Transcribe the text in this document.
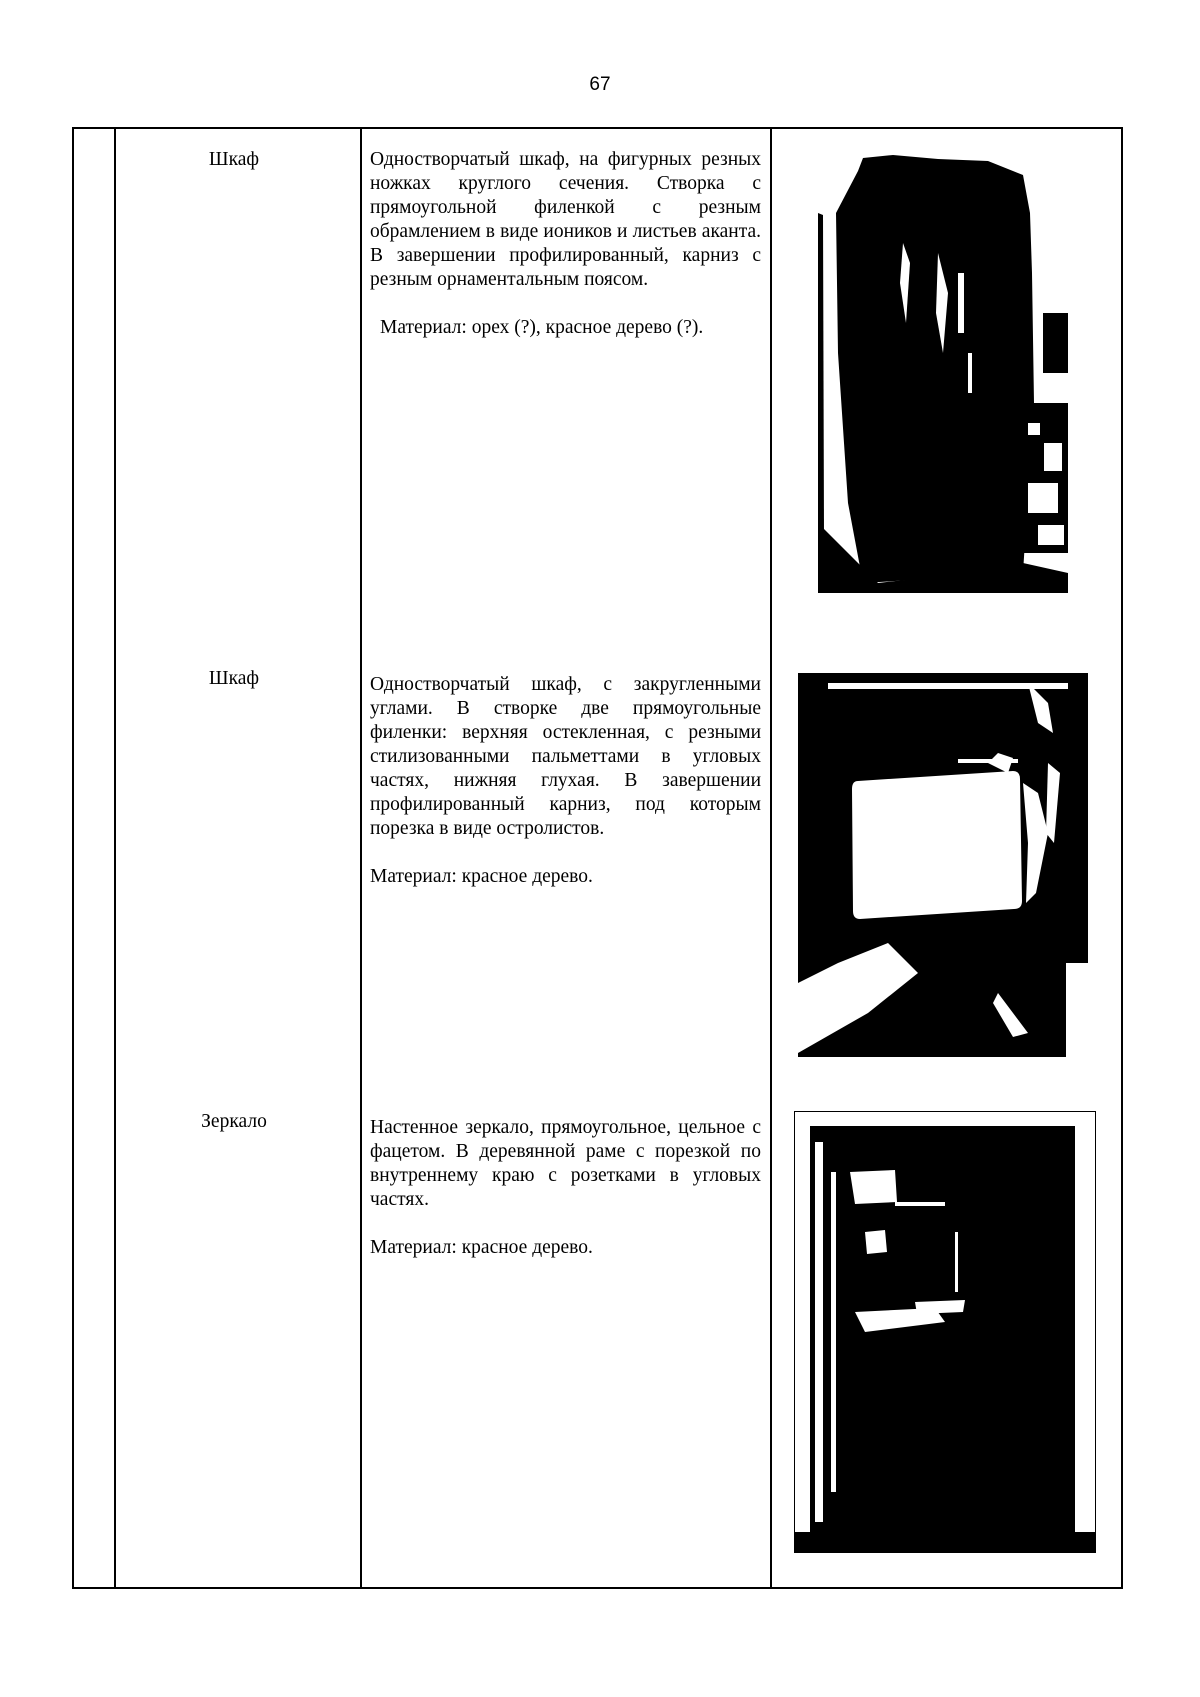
67
Шкаф	Одностворчатый шкаф, на фигурных резных ножках круглого сечения. Створка с прямоугольной филенкой с резным обрамлением в виде иоников и листьев аканта. В завершении профилированный, карниз с резным орнаментальным поясом.

Материал: орех (?), красное дерево (?).

Шкаф	Одностворчатый шкаф, с закругленными углами. В створке две прямоугольные филенки: верхняя остекленная, с резными стилизованными пальметтами в угловых частях, нижняя глухая. В завершении профилированный карниз, под которым порезка в виде остролистов.

Материал: красное дерево.

Зеркало	Настенное зеркало, прямоугольное, цельное с фацетом. В деревянной раме с порезкой по внутреннему краю с розетками в угловых частях.

Материал: красное дерево.
